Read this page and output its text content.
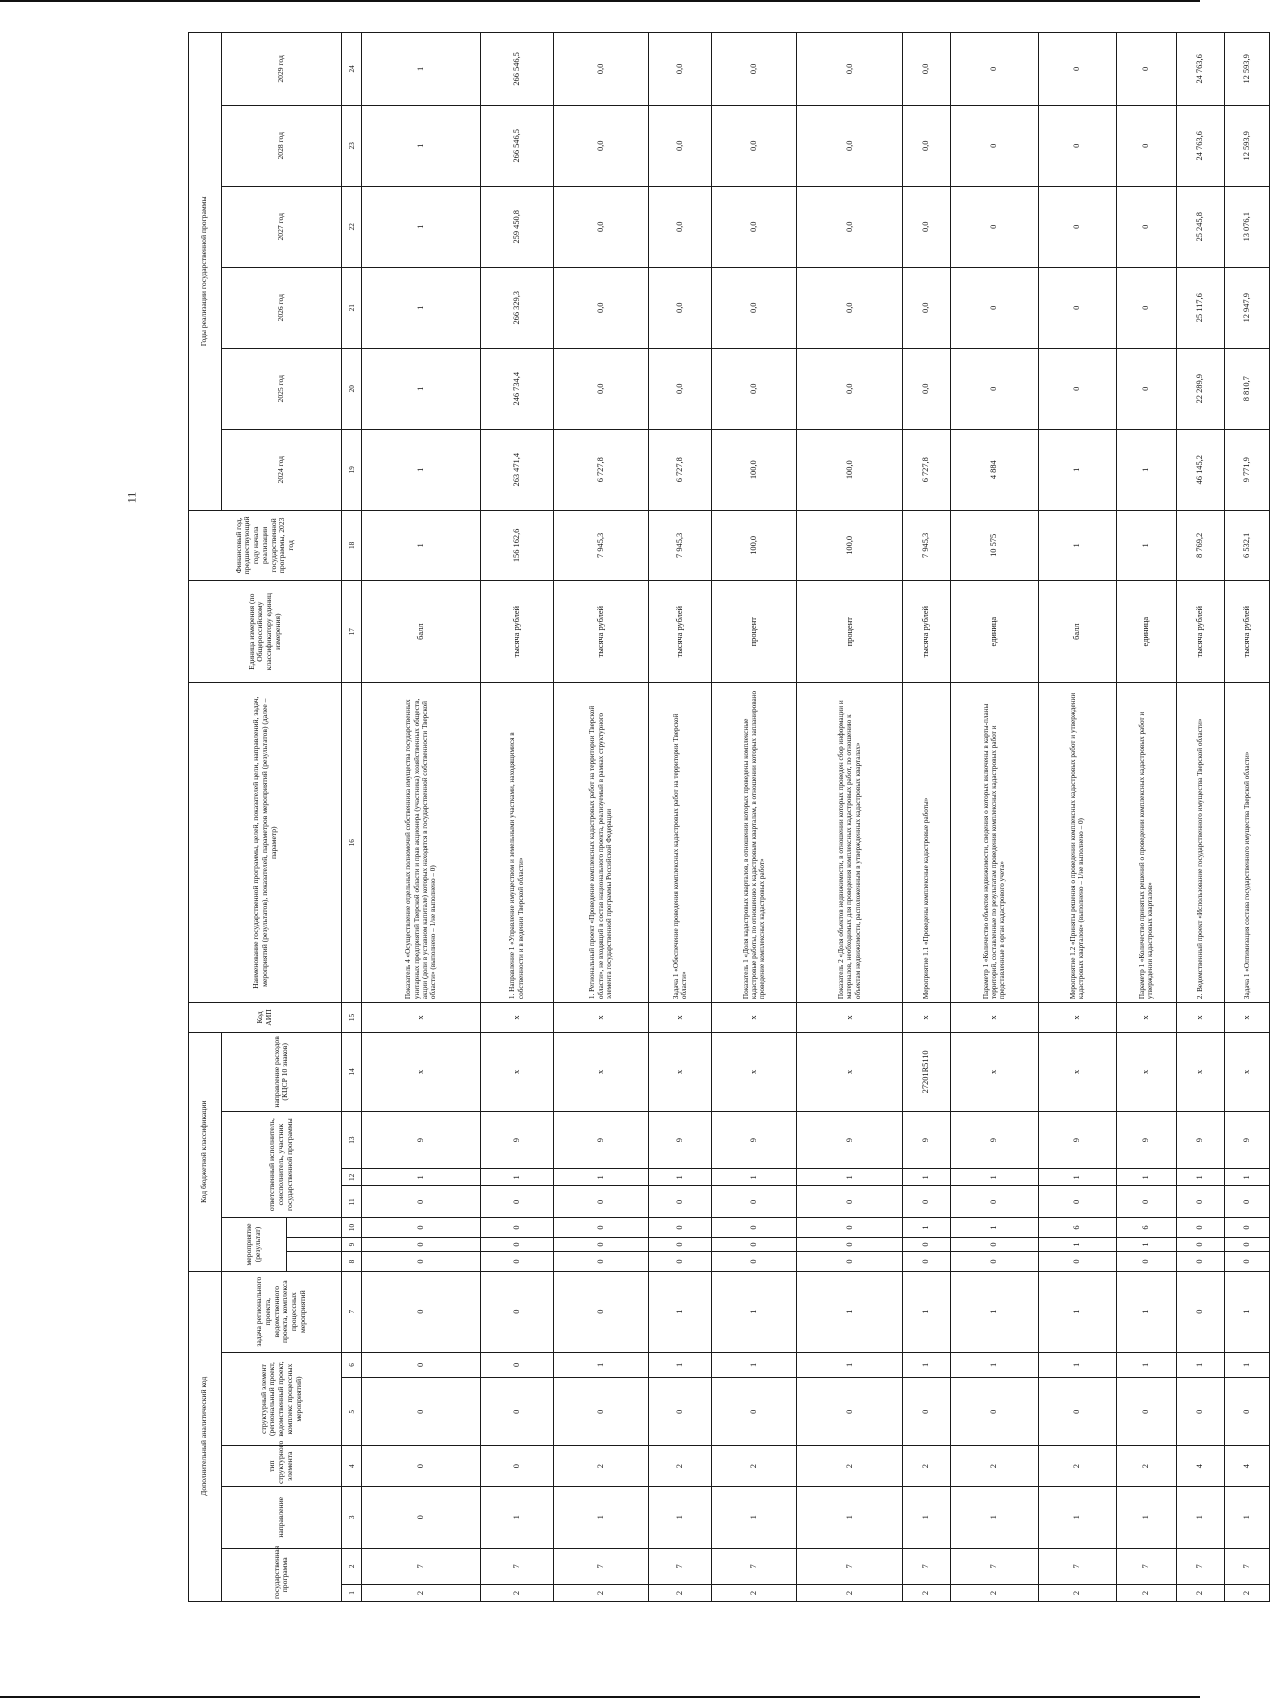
11
Дополнительный аналитический код							Код бюджетной классификации							Код АИП	Наименование государственной программы, целей, показателей цели, направлений, задач, мероприятий (результатов), показателей, параметров мероприятий (результатов) (далее – параметр)	Единица измерения (по Общероссийскому классификатору единиц измерения)	Финансовый год, предшествующий году начала реализации государственной программы, 2023 год	Годы реализации государственной программы					
государственная программа		направление	тип структурного элемента	структурный элемент (региональный проект, ведомственный проект, комплекс процессных мероприятий)		задача регионального проекта, ведомственного проекта, комплекса процессных мероприятий	мероприятие (результат)			ответственный исполнитель, соисполнитель, участник государственной программы			направление расходов (КЦСР 10 знаков)					2024 год	2025 год	2026 год	2027 год	2028 год	2029 год

1	2	3	4	5	6	7	8	9	10	11	12	13	14	15	16	17	18	19	20	21	22	23	24
2	7	0	0	0	0	0	0	0	0	0	1	9	х	х	Показатель 4 «Осуществление отдельных полномочий собственника имущества государственных унитарных предприятий Тверской области и прав акционера (участника) хозяйственных обществ, акции (доли в уставном капитале) которых находятся в государственной собственности Тверской области» (выполнено – 1/не выполнено – 0)	балл	1	1	1	1	1	1	1
2	7	1	0	0	0	0	0	0	0	0	1	9	х	х	1. Направление 1 «Управление имуществом и земельными участками, находящимися в собственности и в ведении Тверской области»	тысяча рублей	156 162,6	263 471,4	246 734,4	266 329,3	259 450,8	266 546,5	266 546,5
2	7	1	2	0	1	0	0	0	0	0	1	9	х	х	1. Региональный проект «Проведение комплексных кадастровых работ на территории Тверской области», не входящий в состав национального проекта, реализуемый в рамках структурного элемента государственной программы Российской Федерации	тысяча рублей	7 945,3	6 727,8	0,0	0,0	0,0	0,0	0,0
2	7	1	2	0	1	1	0	0	0	0	1	9	х	х	Задача 1 «Обеспечение проведения комплексных кадастровых работ на территории Тверской области»	тысяча рублей	7 945,3	6 727,8	0,0	0,0	0,0	0,0	0,0
2	7	1	2	0	1	1	0	0	0	0	1	9	х	х	Показатель 1 «Доля кадастровых кварталов, в отношении которых проведены комплексные кадастровые работы, по отношению к кадастровым кварталам, в отношении которых запланировано проведение комплексных кадастровых работ»	процент	100,0	100,0	0,0	0,0	0,0	0,0	0,0
2	7	1	2	0	1	1	0	0	0	0	1	9	х	х	Показатель 2 «Доля объектов недвижимости, в отношении которых проведен сбор информации и материалов, необходимых для проведения комплексных кадастровых работ, по отношению к объектам недвижимости, расположенным в утвержденных кадастровых кварталах»	процент	100,0	100,0	0,0	0,0	0,0	0,0	0,0
2	7	1	2	0	1	1	0	0	1	0	1	9	27201R5110	х	Мероприятие 1.1 «Проведены комплексные кадастровые работы»	тысяча рублей	7 945,3	6 727,8	0,0	0,0	0,0	0,0	0,0
2	7	1	2	0	1	1	0	0	1	0	1	9	х	х	Параметр 1 «Количество объектов недвижимости, сведения о которых включены в карты-планы территорий, составленные по результатам проведения комплексных кадастровых работ и представленные в орган кадастрового учета»	единица	10 575	4 884	0	0	0	0	0
2	7	1	2	0	1	1	0	1	6	0	1	9	х	х	Мероприятие 1.2 «Приняты решения о проведении комплексных кадастровых работ и утверждении кадастровых кварталов» (выполнено – 1/не выполнено – 0)	балл	1	1	0	0	0	0	0
2	7	1	2	0	1	1	0	1	6	0	1	9	х	х	Параметр 1 «Количество принятых решений о проведении комплексных кадастровых работ и утверждении кадастровых кварталов»	единица	1	1	0	0	0	0	0
2	7	1	4	0	1	0	0	0	0	0	1	9	х	х	2. Ведомственный проект «Использование государственного имущества Тверской области»	тысяча рублей	8 769,2	46 145,2	22 289,9	25 117,6	25 245,8	24 763,6	24 763,6
2	7	1	4	0	1	1	0	0	0	0	1	9	х	х	Задача 1 «Оптимизация состава государственного имущества Тверской области»	тысяча рублей	6 532,1	9 771,9	8 810,7	12 947,9	13 076,1	12 593,9	12 593,9
